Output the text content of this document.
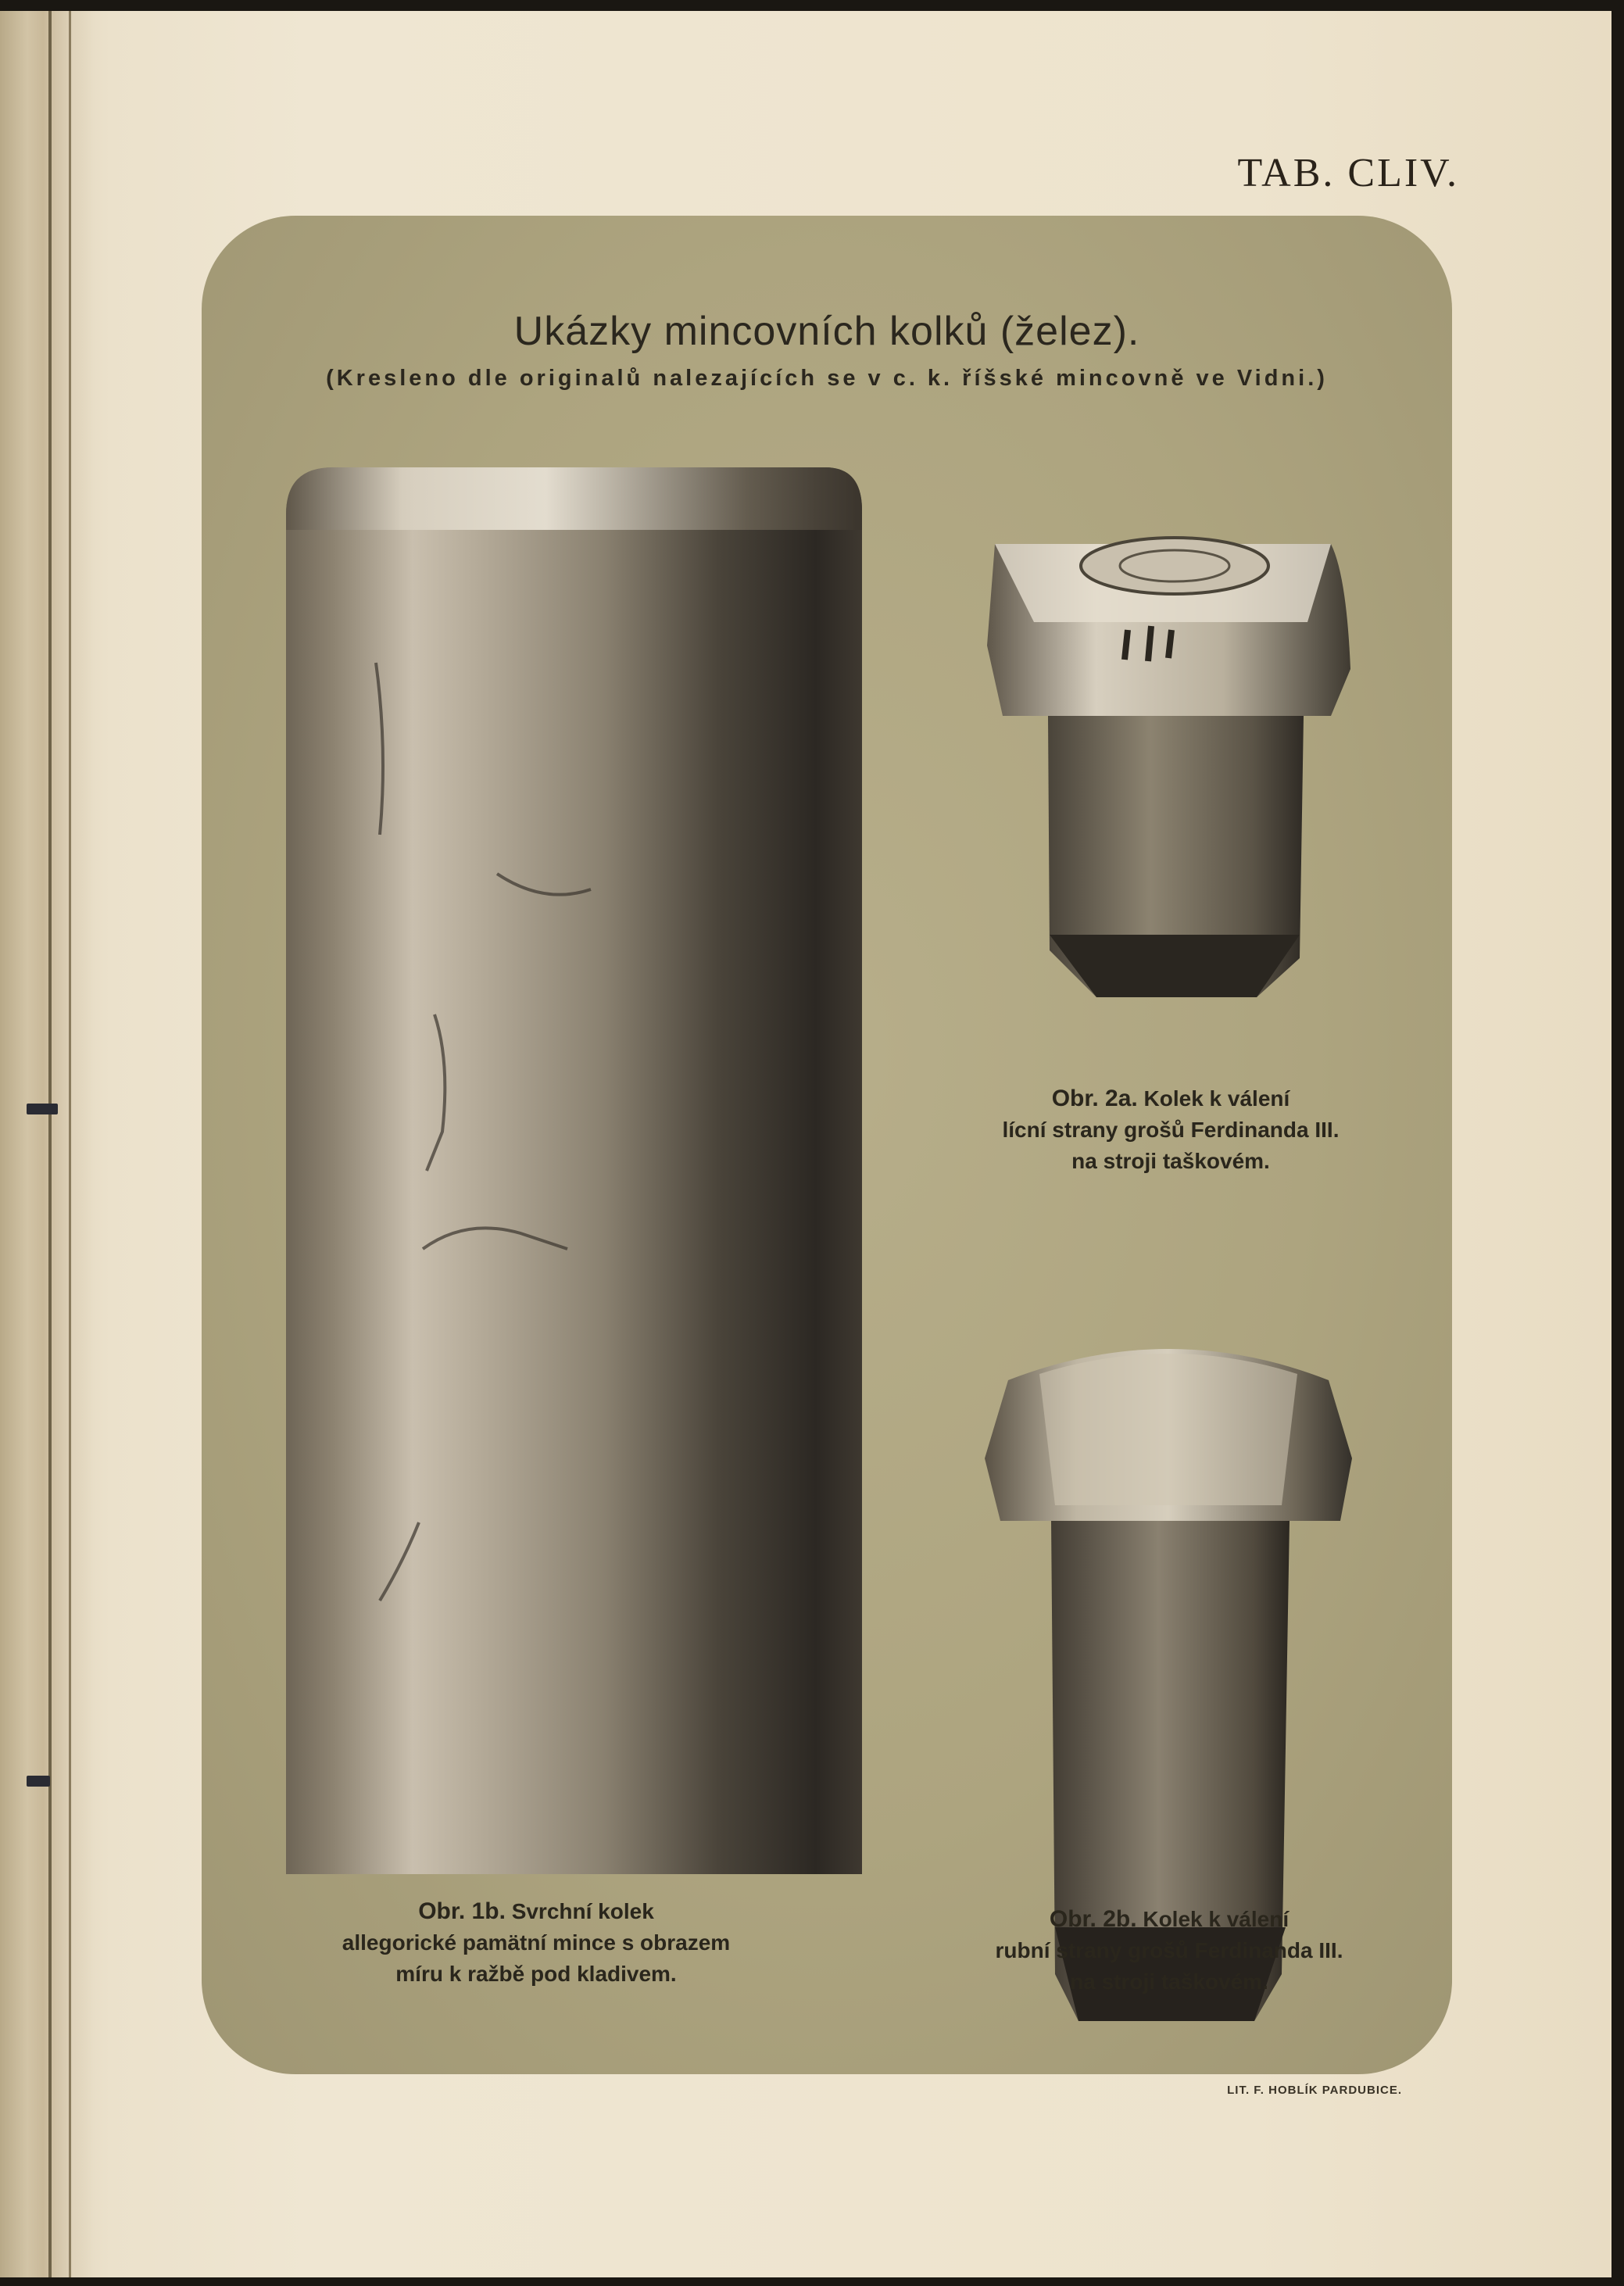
TAB. CLIV.
Ukázky mincovních kolků (želez).
(Kresleno dle originalů nalezajících se v c. k. říšské mincovně ve Vidni.)
Obr. 1b. Svrchní kolek
allegorické pamätní mince s obrazem
míru k ražbě pod kladivem.
Obr. 2a. Kolek k válení
lícní strany grošů Ferdinanda III.
na stroji taškovém.
Obr. 2b. Kolek k válení
rubní strany grošů Ferdinanda III.
na stroji taškovém.
LIT. F. HOBLÍK PARDUBICE.
